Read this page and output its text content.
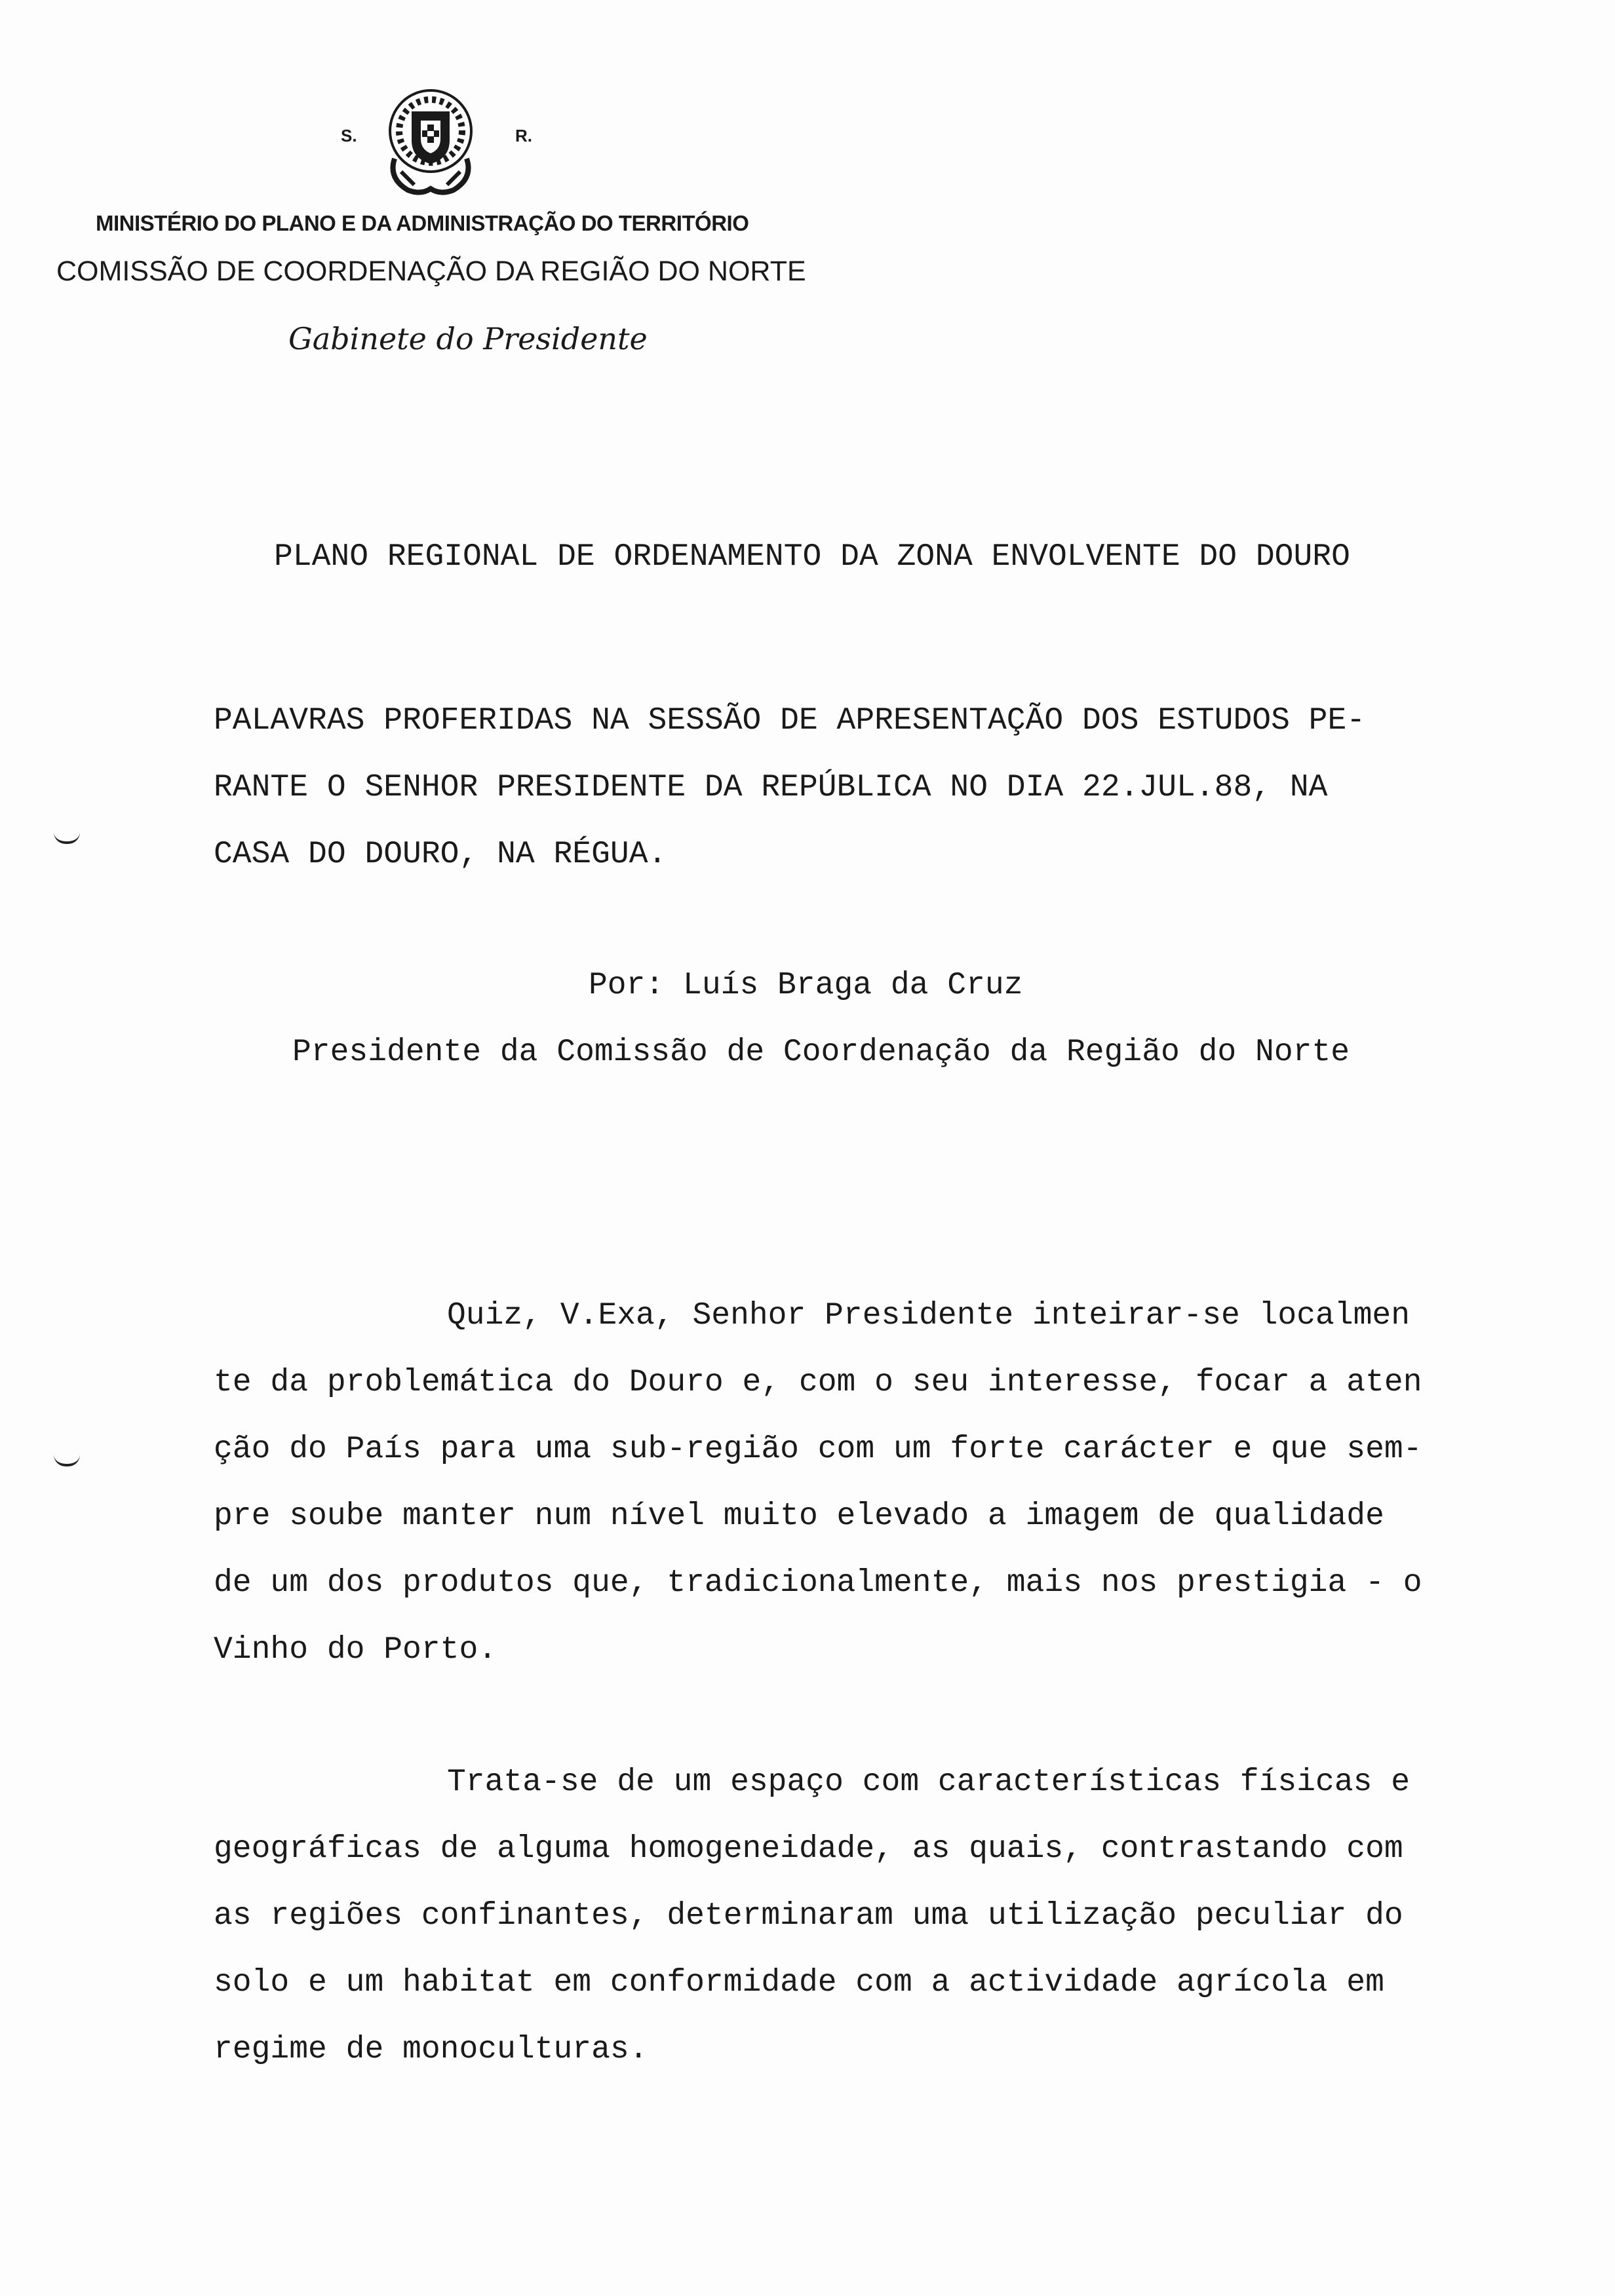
S.	R.
MINISTÉRIO DO PLANO E DA ADMINISTRAÇÃO DO TERRITÓRIO
COMISSÃO DE COORDENAÇÃO DA REGIÃO DO NORTE
Gabinete do Presidente
PLANO REGIONAL DE ORDENAMENTO DA ZONA ENVOLVENTE DO DOURO
PALAVRAS PROFERIDAS NA SESSÃO DE APRESENTAÇÃO DOS ESTUDOS PE-
RANTE O SENHOR PRESIDENTE DA REPÚBLICA NO DIA 22.JUL.88, NA
CASA DO DOURO, NA RÉGUA.
Por: Luís Braga da Cruz
Presidente da Comissão de Coordenação da Região do Norte
Quiz, V.Exa, Senhor Presidente inteirar-se localmen
te da problemática do Douro e, com o seu interesse, focar a aten
ção do País para uma sub-região com um forte carácter e que sem-
pre soube manter num nível muito elevado a imagem de qualidade
de um dos produtos que, tradicionalmente, mais nos prestigia - o
Vinho do Porto.
Trata-se de um espaço com características físicas e
geográficas de alguma homogeneidade, as quais, contrastando com
as regiões confinantes, determinaram uma utilização peculiar do
solo e um habitat em conformidade com a actividade agrícola em
regime de monoculturas.
